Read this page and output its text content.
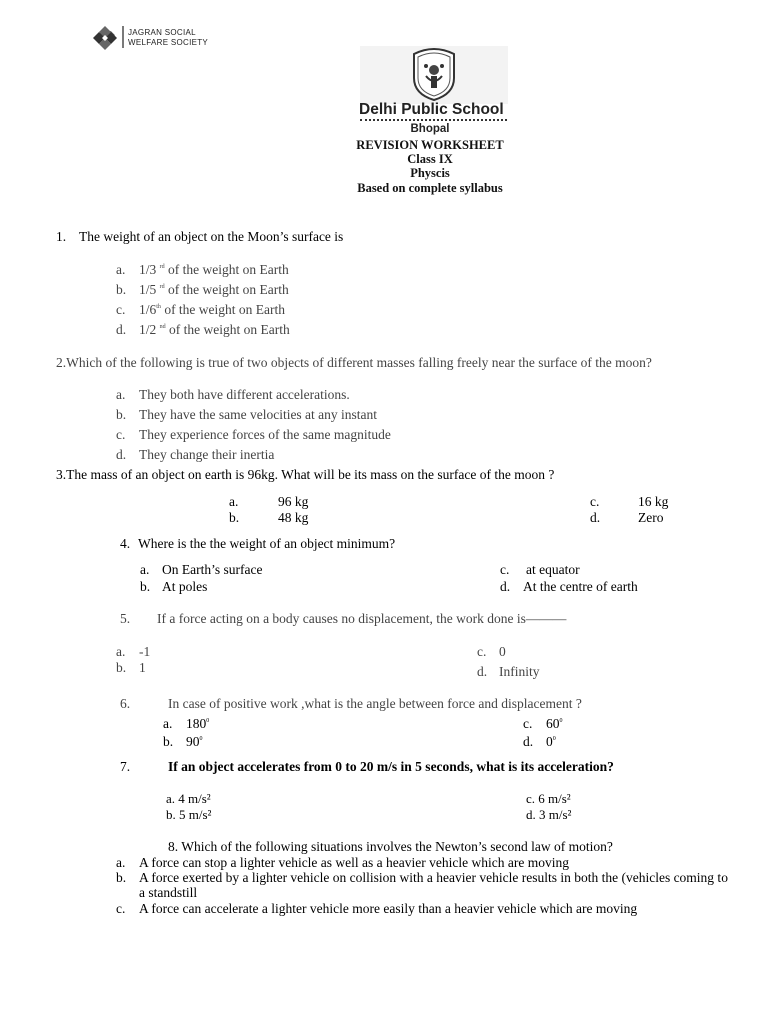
JAGRAN SOCIAL
WELFARE SOCIETY
Delhi Public School
Bhopal
REVISION WORKSHEET
Class IX
Physcis
Based on complete syllabus
1. The weight of an object on the Moon’s surface is
a. 1/3 $^{rd}$ of the weight on Earth
b. 1/5 $^{rd}$ of the weight on Earth
c. 1/6th of the weight on Earth
d. 1/2 $^{nd}$ of the weight on Earth
2.Which of the following is true of two objects of different masses falling freely near the surface of the moon?
a. They both have different accelerations.
b. They have the same velocities at any instant
c. They experience forces of the same magnitude
d. They change their inertia
3.The mass of an object on earth is 96kg. What will be its mass on the surface of the moon ?
a.	96 kg
b.	48 kg
c.	16 kg
d.	Zero
4. Where is the the weight of an object minimum?
a. On Earth’s surface
b. At poles
c. at equator
d. At the centre of earth
5. If a force acting on a body causes no displacement, the work done is———
a. -1
b. 1
c. 0
d. Infinity
6.	In case of positive work ,what is the angle between force and displacement ?
a. $180^0$
b. $90^0$
c. $60^0$
d. $0^0$
7.	If an object accelerates from 0 to 20 m/s in 5 seconds, what is its acceleration?
a. 4 m/s²
b. 5 m/s²
c. 6 m/s²
d. 3 m/s²
8. Which of the following situations involves the Newton’s second law of motion?
a. A force can stop a lighter vehicle as well as a heavier vehicle which are moving
b. A force exerted by a lighter vehicle on collision with a heavier vehicle results in both the (vehicles coming to
a standstill
c. A force can accelerate a lighter vehicle more easily than a heavier vehicle which are moving
